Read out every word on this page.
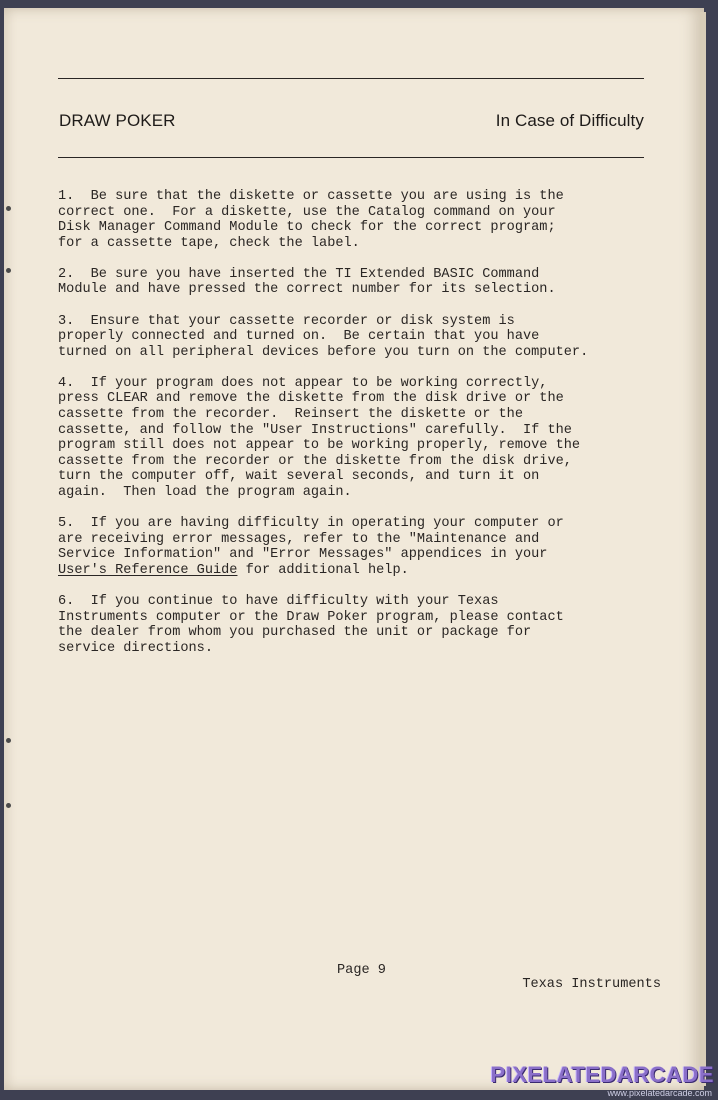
DRAW POKER	In Case of Difficulty
1.  Be sure that the diskette or cassette you are using is the
correct one.  For a diskette, use the Catalog command on your
Disk Manager Command Module to check for the correct program;
for a cassette tape, check the label.
2.  Be sure you have inserted the TI Extended BASIC Command
Module and have pressed the correct number for its selection.
3.  Ensure that your cassette recorder or disk system is
properly connected and turned on.  Be certain that you have
turned on all peripheral devices before you turn on the computer.
4.  If your program does not appear to be working correctly,
press CLEAR and remove the diskette from the disk drive or the
cassette from the recorder.  Reinsert the diskette or the
cassette, and follow the "User Instructions" carefully.  If the
program still does not appear to be working properly, remove the
cassette from the recorder or the diskette from the disk drive,
turn the computer off, wait several seconds, and turn it on
again.  Then load the program again.
5.  If you are having difficulty in operating your computer or
are receiving error messages, refer to the "Maintenance and
Service Information" and "Error Messages" appendices in your
User's Reference Guide for additional help.
6.  If you continue to have difficulty with your Texas
Instruments computer or the Draw Poker program, please contact
the dealer from whom you purchased the unit or package for
service directions.
Page 9
Texas Instruments
PIXELATEDARCADE
www.pixelatedarcade.com
